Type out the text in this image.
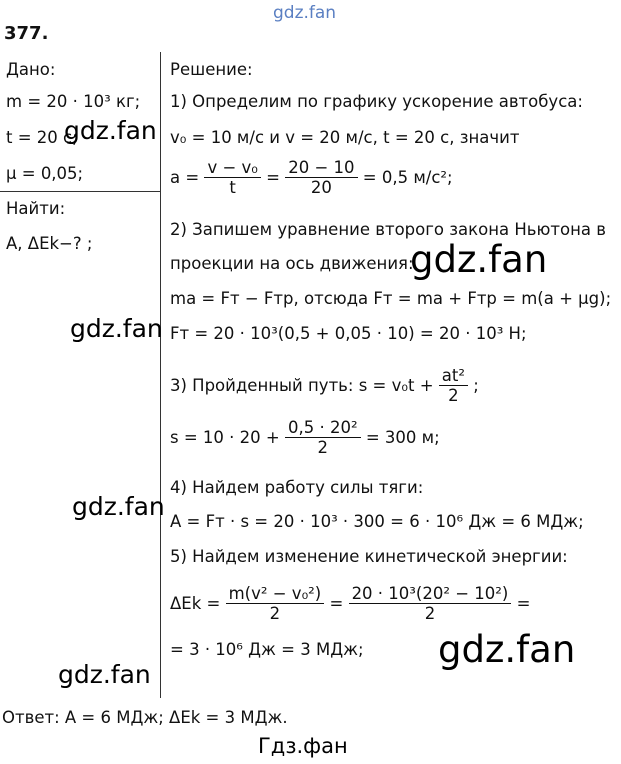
gdz.fan
377.
Дано:
m = 20 · 10³ кг;
t = 20 с;
μ = 0,05;
Найти:
A, ΔEk−? ;
Решение:
1) Определим по графику ускорение автобуса:
v₀ = 10 м/с и v = 20 м/с, t = 20 с, значит
$a = \frac{\text{v − v₀}}{t} = \frac{20 - 10}{20} = 0,5$ м/с²;
2) Запишем уравнение второго закона Ньютона в
проекции на ось движения:
ma = Fт − Fтр, отсюда Fт = ma + Fтр = m(a + μg);
Fт = 20 · 10³(0,5 + 0,05 · 10) = 20 · 10³ Н;
3) Пройденный путь: $s = v_0t + \frac{\text{at²}}{2}$ ;
$s = 10 \cdot 20 + \frac{\text{0,5 · 20²}}{2} = 300$ м;
4) Найдем работу силы тяги:
A = Fт · s = 20 · 10³ · 300 = 6 · 10⁶ Дж = 6 МДж;
5) Найдем изменение кинетической энергии:
$\Delta Ek = \frac{\text{m(v² − v₀²)}}{2} = \frac{\text{20 · 10³(20² − 10²)}}{2}$ =
= 3 · 10⁶ Дж = 3 МДж;
Ответ: A = 6 МДж; ΔEk = 3 МДж.
gdz.fan
gdz.fan
gdz.fan
gdz.fan
gdz.fan
gdz.fan
Гдз.фан
